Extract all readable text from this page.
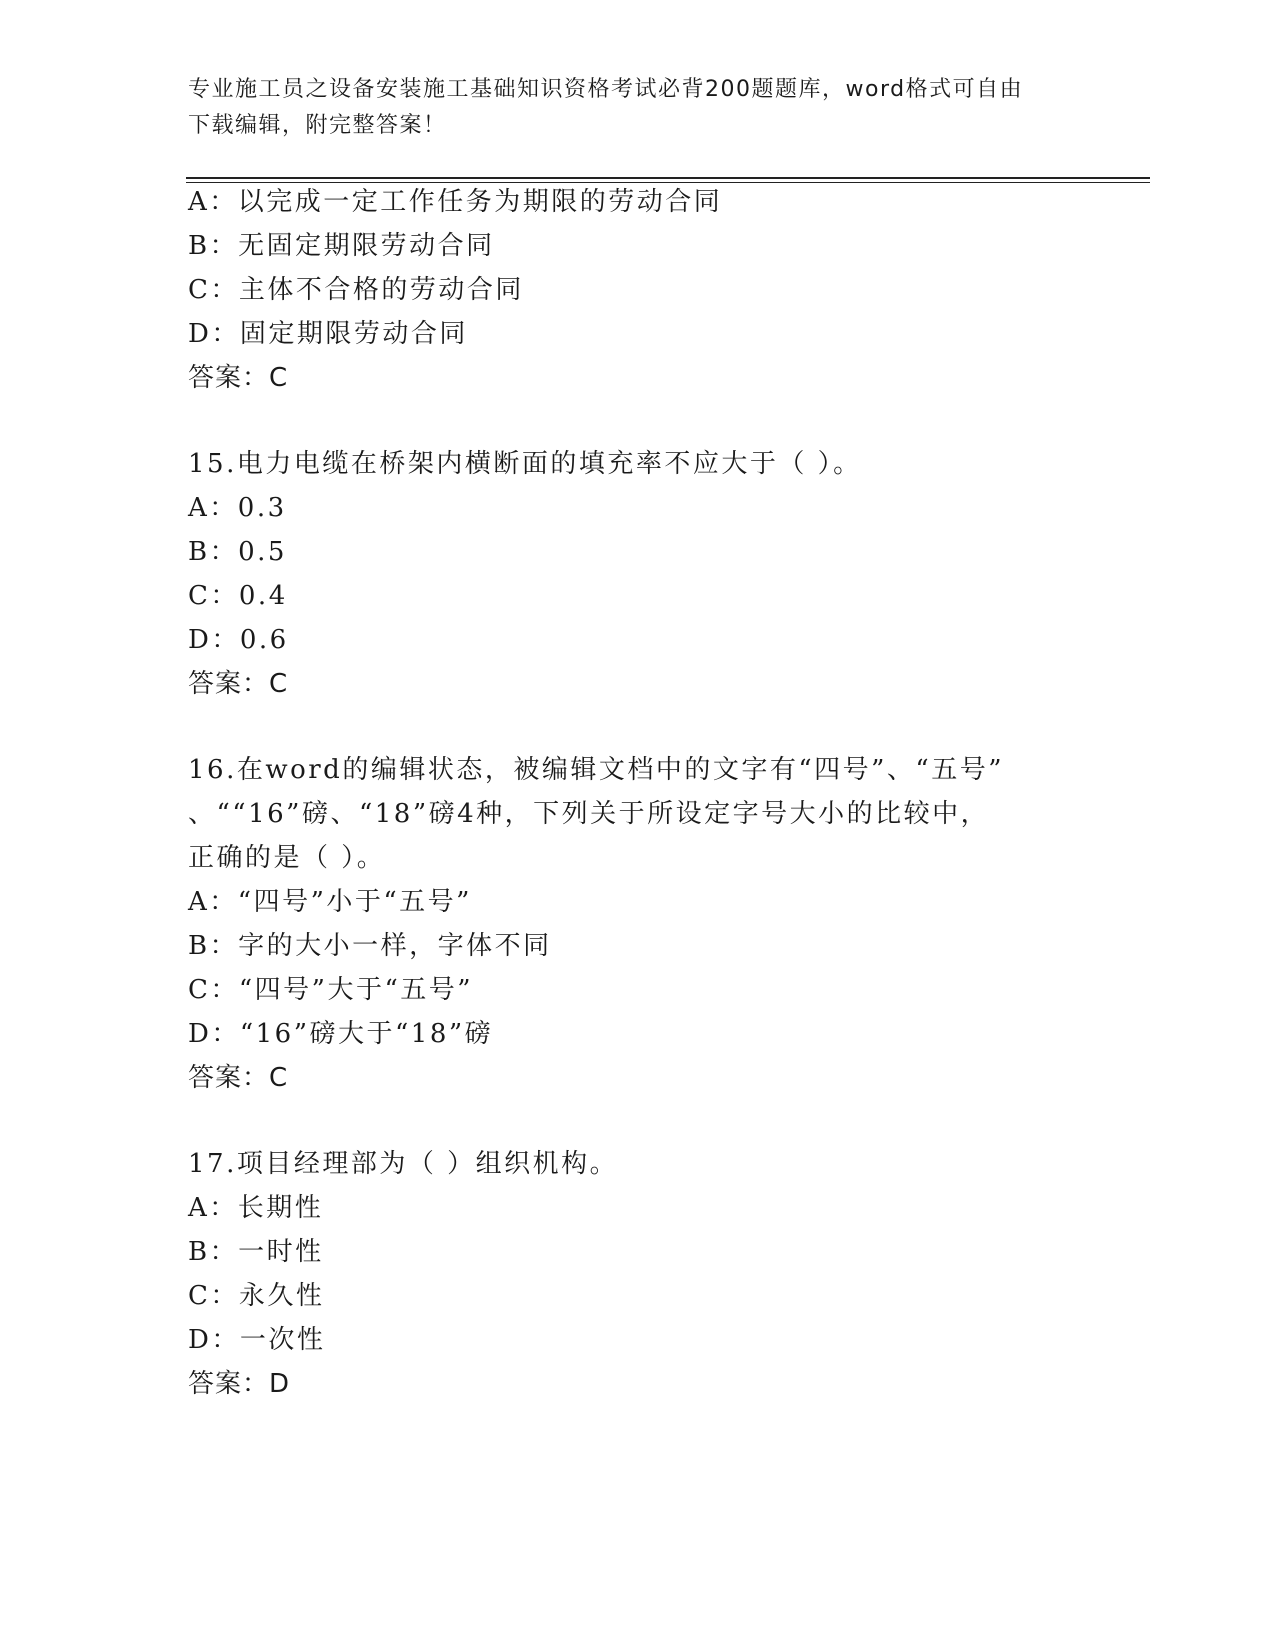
专业施工员之设备安装施工基础知识资格考试必背200题题库，word格式可自由
下载编辑，附完整答案！
A：以完成一定工作任务为期限的劳动合同
B：无固定期限劳动合同
C：主体不合格的劳动合同
D：固定期限劳动合同
答案：C
15.电力电缆在桥架内横断面的填充率不应大于（ ）。
A：0.3
B：0.5
C：0.4
D：0.6
答案：C
16.在word的编辑状态，被编辑文档中的文字有“四号”、“五号”
、““16”磅、“18”磅4种，下列关于所设定字号大小的比较中，
正确的是（ ）。
A：“四号”小于“五号”
B：字的大小一样，字体不同
C：“四号”大于“五号”
D：“16”磅大于“18”磅
答案：C
17.项目经理部为（ ）组织机构。
A：长期性
B：一时性
C：永久性
D：一次性
答案：D
